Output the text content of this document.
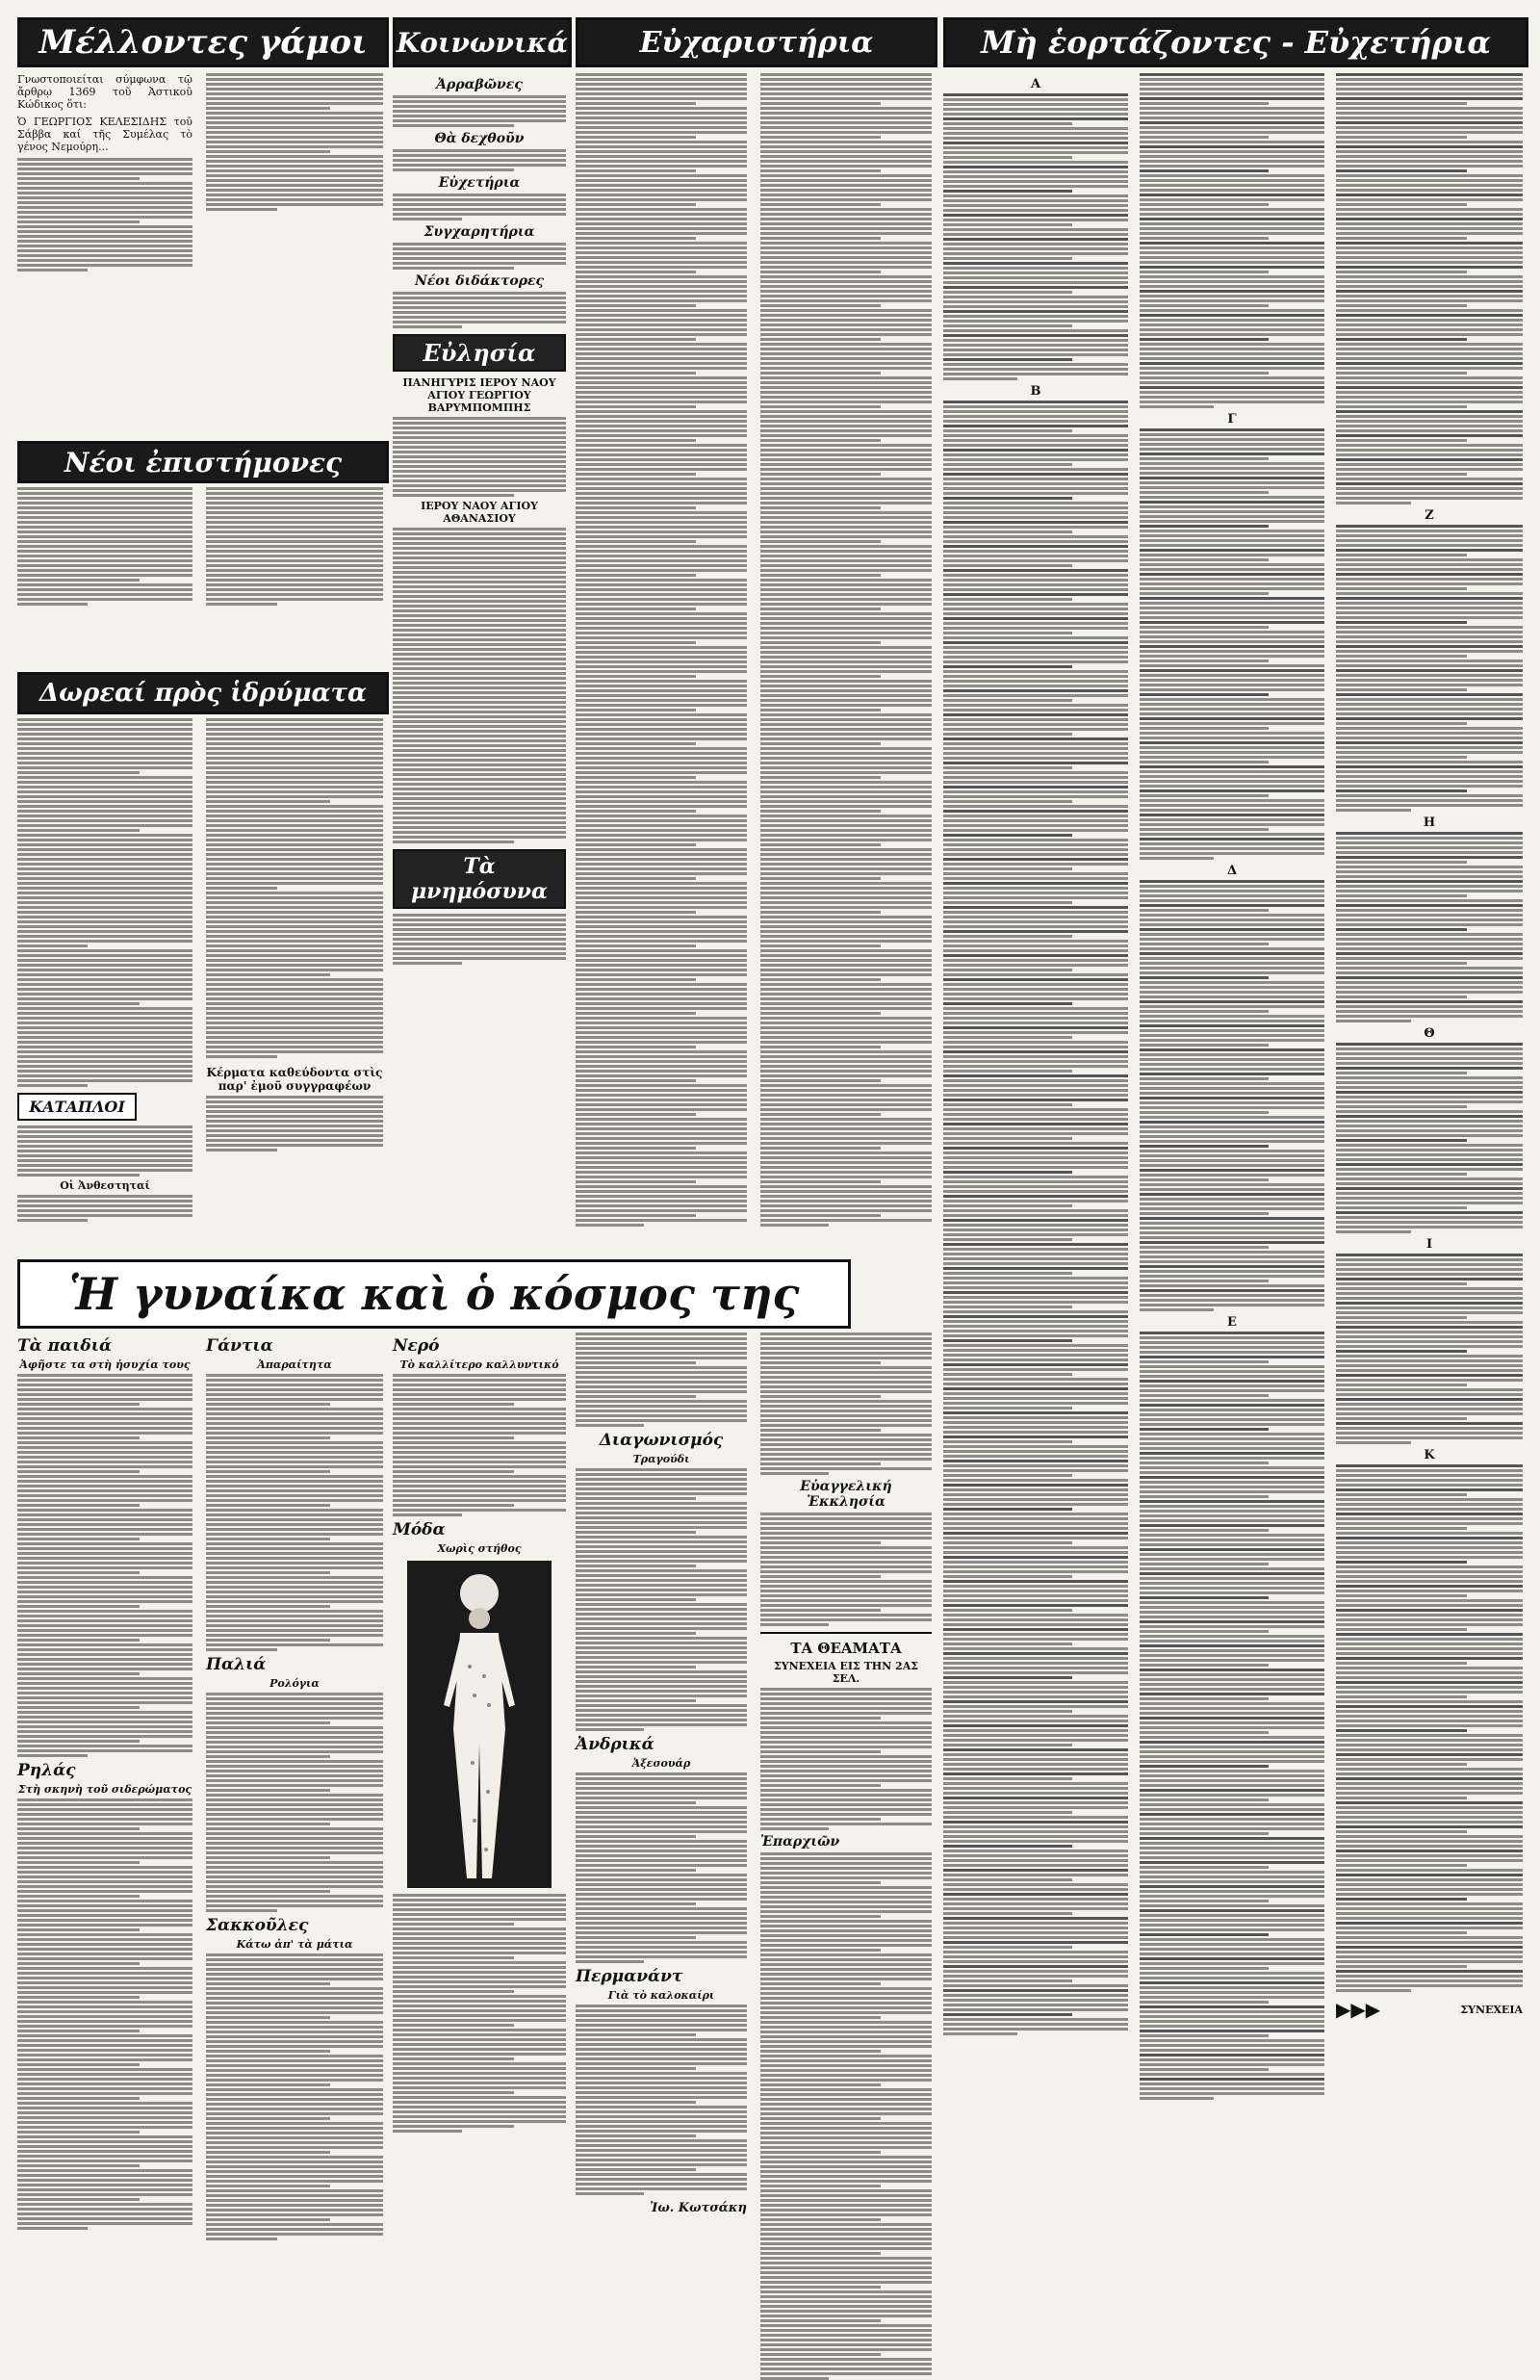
Μέλλοντες γάμοι

Γνωστοποιείται σύμφωνα τῷ ἄρθρῳ 1369 τοῦ Ἀστικοῦ Κώδικος ὅτι:

Ὁ ΓΕΩΡΓΙΟΣ ΚΕΛΕΣΙΔΗΣ τοῦ Σάββα καί τῆς Συμέλας τὸ γένος Νεμούρη...

Νέοι ἐπιστήμονες
Δωρεαί πρὸς ἱδρύματα
ΚΑΤΑΠΛΟΙ
Οἱ Ἀνθεστηταί
Κέρματα καθεύδοντα στὶς παρ' ἐμοῦ συγγραφέων
Κοινωνικά
Ἀρραβῶνες
Θὰ δεχθοῦν
Εὐχετήρια
Συγχαρητήρια
Νέοι διδάκτορες
Εὐλησία
ΠΑΝΗΓΥΡΙΣ ΙΕΡΟΥ ΝΑΟΥ ΑΓΙΟΥ ΓΕΩΡΓΙΟΥ ΒΑΡΥΜΠΟΜΠΗΣ
ΙΕΡΟΥ ΝΑΟΥ ΑΓΙΟΥ ΑΘΑΝΑΣΙΟΥ
Τὰ μνημόσυνα
Εὐχαριστήρια	Μὴ ἑορτάζοντες - Εὐχετήρια
Α
Β
Γ
Δ
Ε
Ζ
Η
Θ
Ι
Κ
▶▶▶	ΣΥΝΕΧΕΙΑ
Ἡ γυναίκα καὶ ὁ κόσμος της
Τὰ παιδιά
Ἀφῆστε τα στὴ ἡσυχία τους
Ρηλάς
Στὴ σκηνὴ τοῦ σιδερώματος
Γάντια
Ἀπαραίτητα
Παλιά
Ρολόγια
Σακκοῦλες
Κάτω ἀπ' τὰ μάτια
Νερό
Τὸ καλλίτερο καλλυντικό
Μόδα
Χωρὶς στήθος
Διαγωνισμός
Τραγούδι
Ἀνδρικά
Ἀξεσουάρ
Περμανάντ
Γιὰ τὸ καλοκαίρι
Ἰω. Κωτσάκη
Εὐαγγελική Ἐκκλησία
ΤΑ ΘΕΑΜΑΤΑ
ΣΥΝΕΧΕΙΑ ΕΙΣ ΤΗΝ 2ΑΣ ΣΕΛ.
Ἐπαρχιῶν
